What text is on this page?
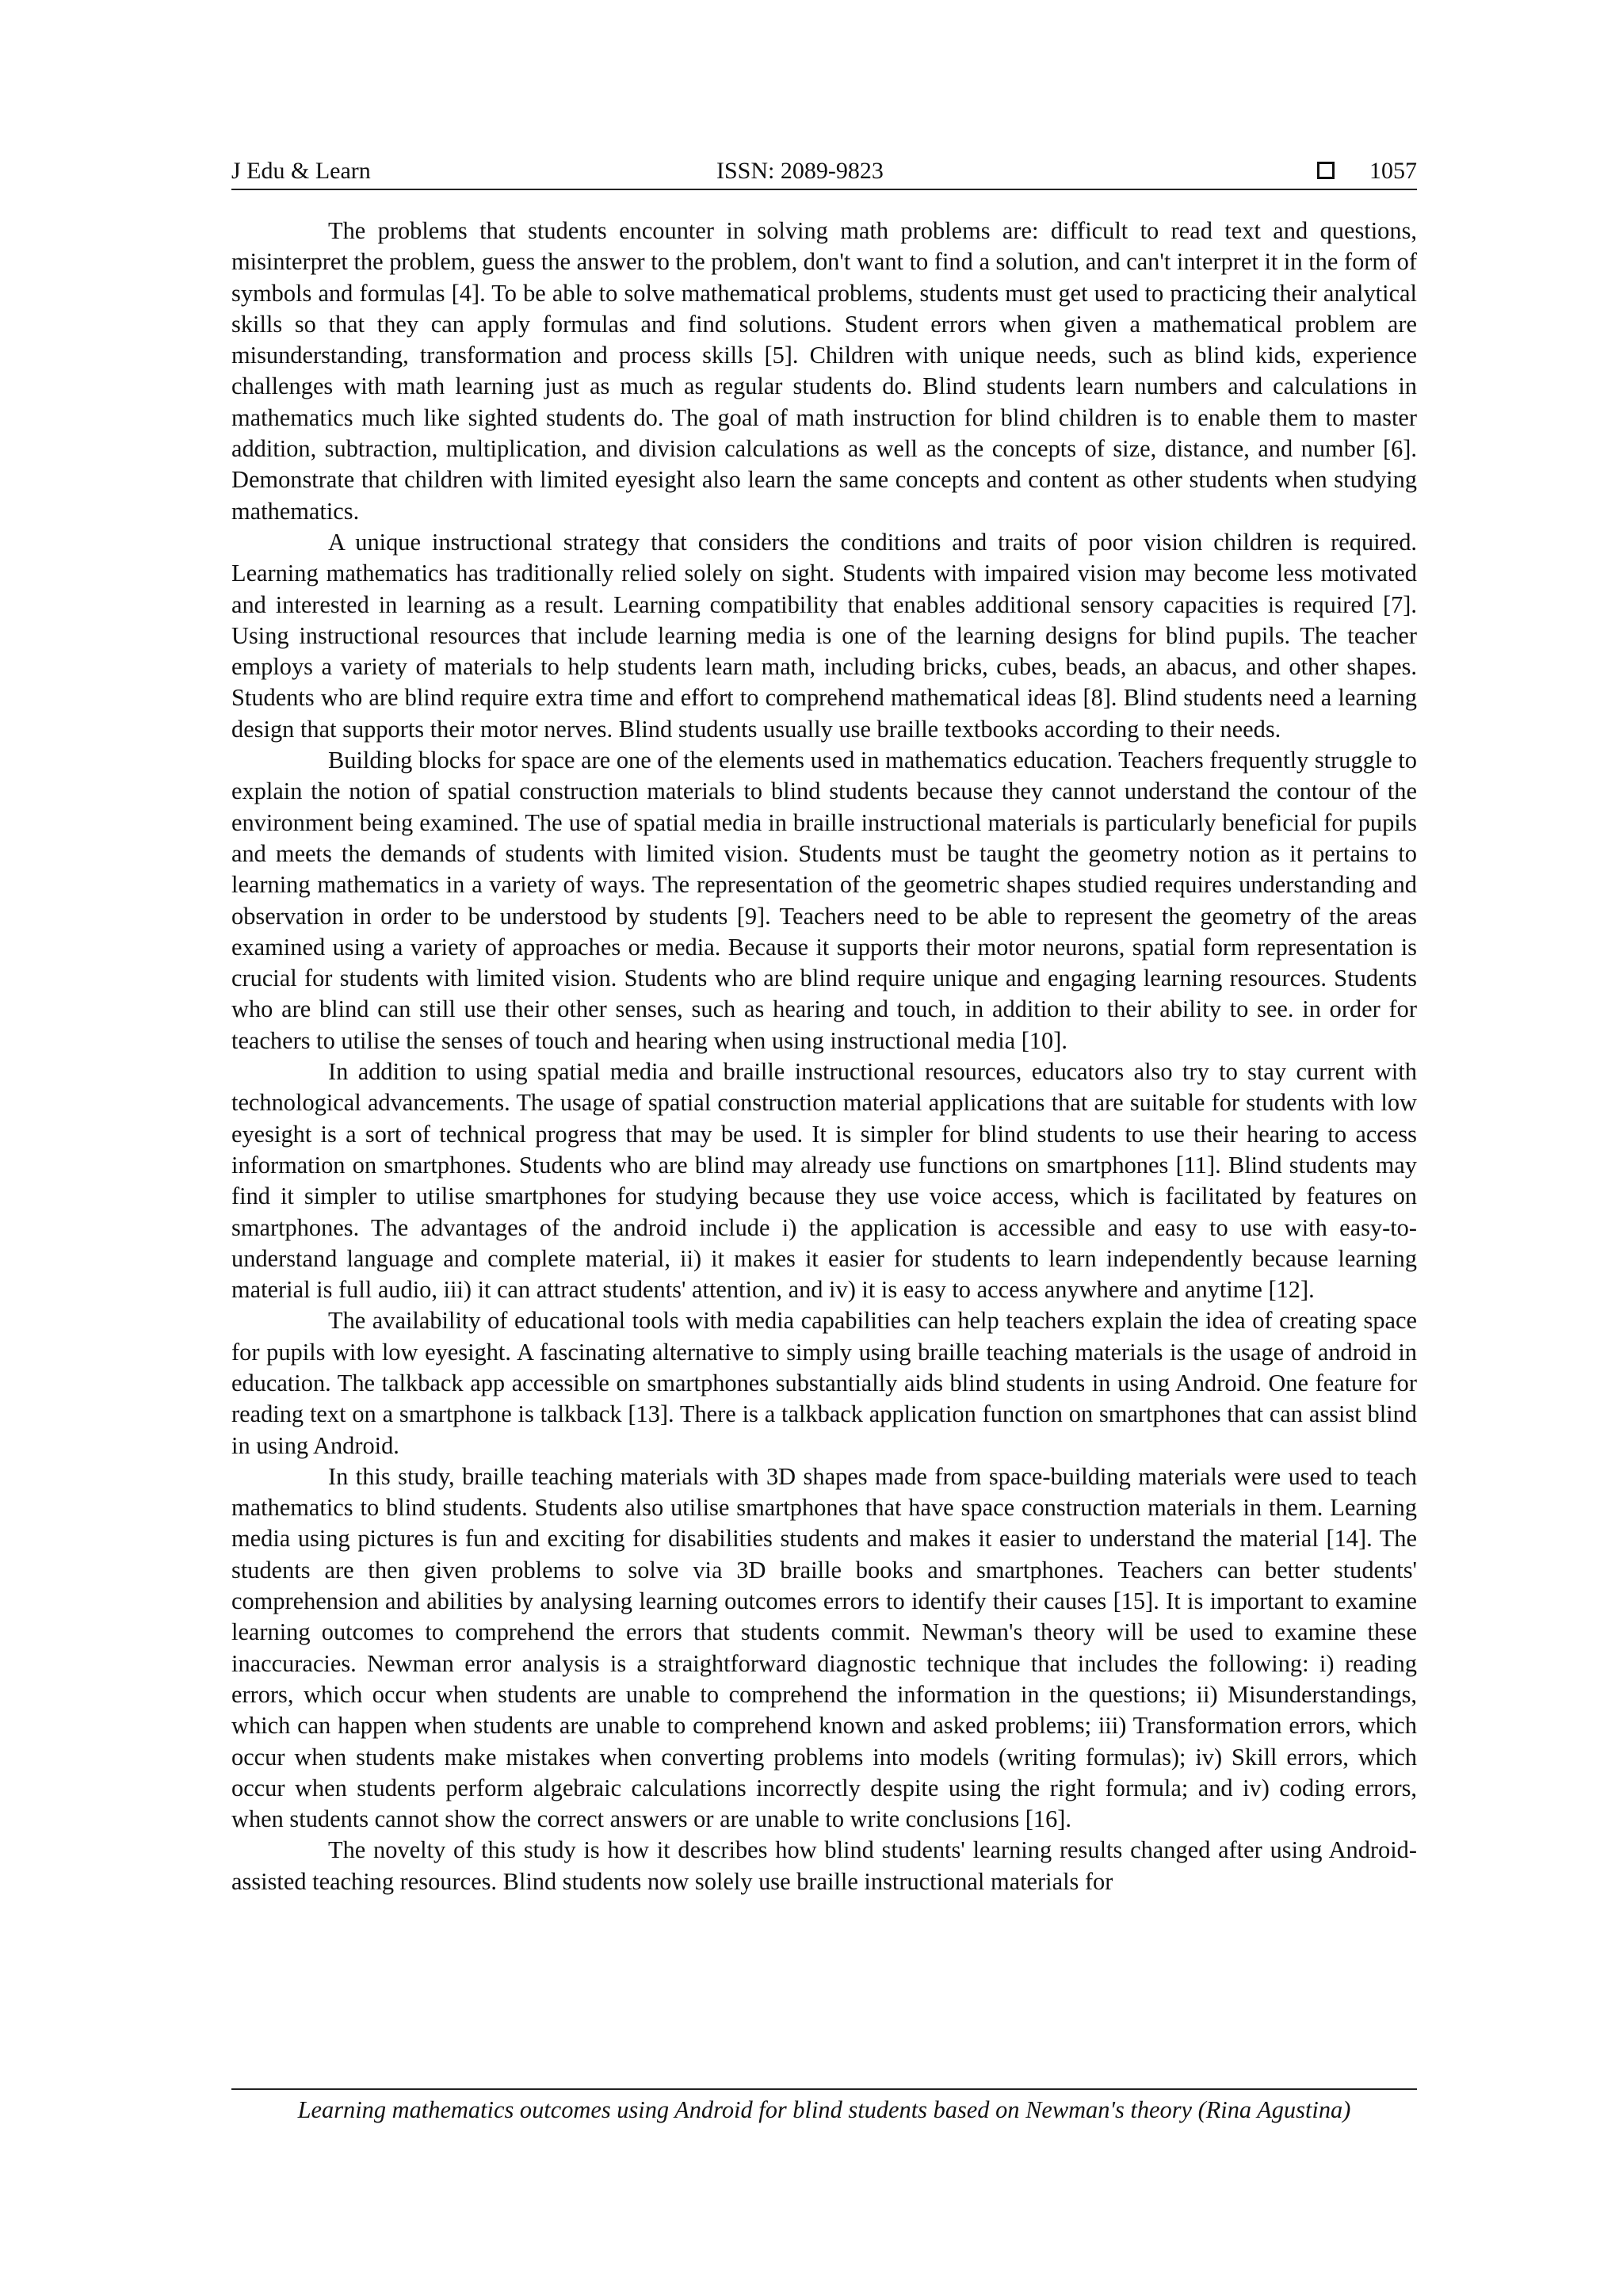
J Edu & Learn	ISSN: 2089-9823	1057

The problems that students encounter in solving math problems are: difficult to read text and questions, misinterpret the problem, guess the answer to the problem, don't want to find a solution, and can't interpret it in the form of symbols and formulas [4]. To be able to solve mathematical problems, students must get used to practicing their analytical skills so that they can apply formulas and find solutions. Student errors when given a mathematical problem are misunderstanding, transformation and process skills [5]. Children with unique needs, such as blind kids, experience challenges with math learning just as much as regular students do. Blind students learn numbers and calculations in mathematics much like sighted students do. The goal of math instruction for blind children is to enable them to master addition, subtraction, multiplication, and division calculations as well as the concepts of size, distance, and number [6]. Demonstrate that children with limited eyesight also learn the same concepts and content as other students when studying mathematics.

A unique instructional strategy that considers the conditions and traits of poor vision children is required. Learning mathematics has traditionally relied solely on sight. Students with impaired vision may become less motivated and interested in learning as a result. Learning compatibility that enables additional sensory capacities is required [7]. Using instructional resources that include learning media is one of the learning designs for blind pupils. The teacher employs a variety of materials to help students learn math, including bricks, cubes, beads, an abacus, and other shapes. Students who are blind require extra time and effort to comprehend mathematical ideas [8]. Blind students need a learning design that supports their motor nerves. Blind students usually use braille textbooks according to their needs.

Building blocks for space are one of the elements used in mathematics education. Teachers frequently struggle to explain the notion of spatial construction materials to blind students because they cannot understand the contour of the environment being examined. The use of spatial media in braille instructional materials is particularly beneficial for pupils and meets the demands of students with limited vision. Students must be taught the geometry notion as it pertains to learning mathematics in a variety of ways. The representation of the geometric shapes studied requires understanding and observation in order to be understood by students [9]. Teachers need to be able to represent the geometry of the areas examined using a variety of approaches or media. Because it supports their motor neurons, spatial form representation is crucial for students with limited vision. Students who are blind require unique and engaging learning resources. Students who are blind can still use their other senses, such as hearing and touch, in addition to their ability to see. in order for teachers to utilise the senses of touch and hearing when using instructional media [10].

In addition to using spatial media and braille instructional resources, educators also try to stay current with technological advancements. The usage of spatial construction material applications that are suitable for students with low eyesight is a sort of technical progress that may be used. It is simpler for blind students to use their hearing to access information on smartphones. Students who are blind may already use functions on smartphones [11]. Blind students may find it simpler to utilise smartphones for studying because they use voice access, which is facilitated by features on smartphones. The advantages of the android include i) the application is accessible and easy to use with easy-to-understand language and complete material, ii) it makes it easier for students to learn independently because learning material is full audio, iii) it can attract students' attention, and iv) it is easy to access anywhere and anytime [12].

The availability of educational tools with media capabilities can help teachers explain the idea of creating space for pupils with low eyesight. A fascinating alternative to simply using braille teaching materials is the usage of android in education. The talkback app accessible on smartphones substantially aids blind students in using Android. One feature for reading text on a smartphone is talkback [13]. There is a talkback application function on smartphones that can assist blind in using Android.

In this study, braille teaching materials with 3D shapes made from space-building materials were used to teach mathematics to blind students. Students also utilise smartphones that have space construction materials in them. Learning media using pictures is fun and exciting for disabilities students and makes it easier to understand the material [14]. The students are then given problems to solve via 3D braille books and smartphones. Teachers can better students' comprehension and abilities by analysing learning outcomes errors to identify their causes [15]. It is important to examine learning outcomes to comprehend the errors that students commit. Newman's theory will be used to examine these inaccuracies. Newman error analysis is a straightforward diagnostic technique that includes the following: i) reading errors, which occur when students are unable to comprehend the information in the questions; ii) Misunderstandings, which can happen when students are unable to comprehend known and asked problems; iii) Transformation errors, which occur when students make mistakes when converting problems into models (writing formulas); iv) Skill errors, which occur when students perform algebraic calculations incorrectly despite using the right formula; and iv) coding errors, when students cannot show the correct answers or are unable to write conclusions [16].

The novelty of this study is how it describes how blind students' learning results changed after using Android-assisted teaching resources. Blind students now solely use braille instructional materials for

Learning mathematics outcomes using Android for blind students based on Newman's theory (Rina Agustina)
